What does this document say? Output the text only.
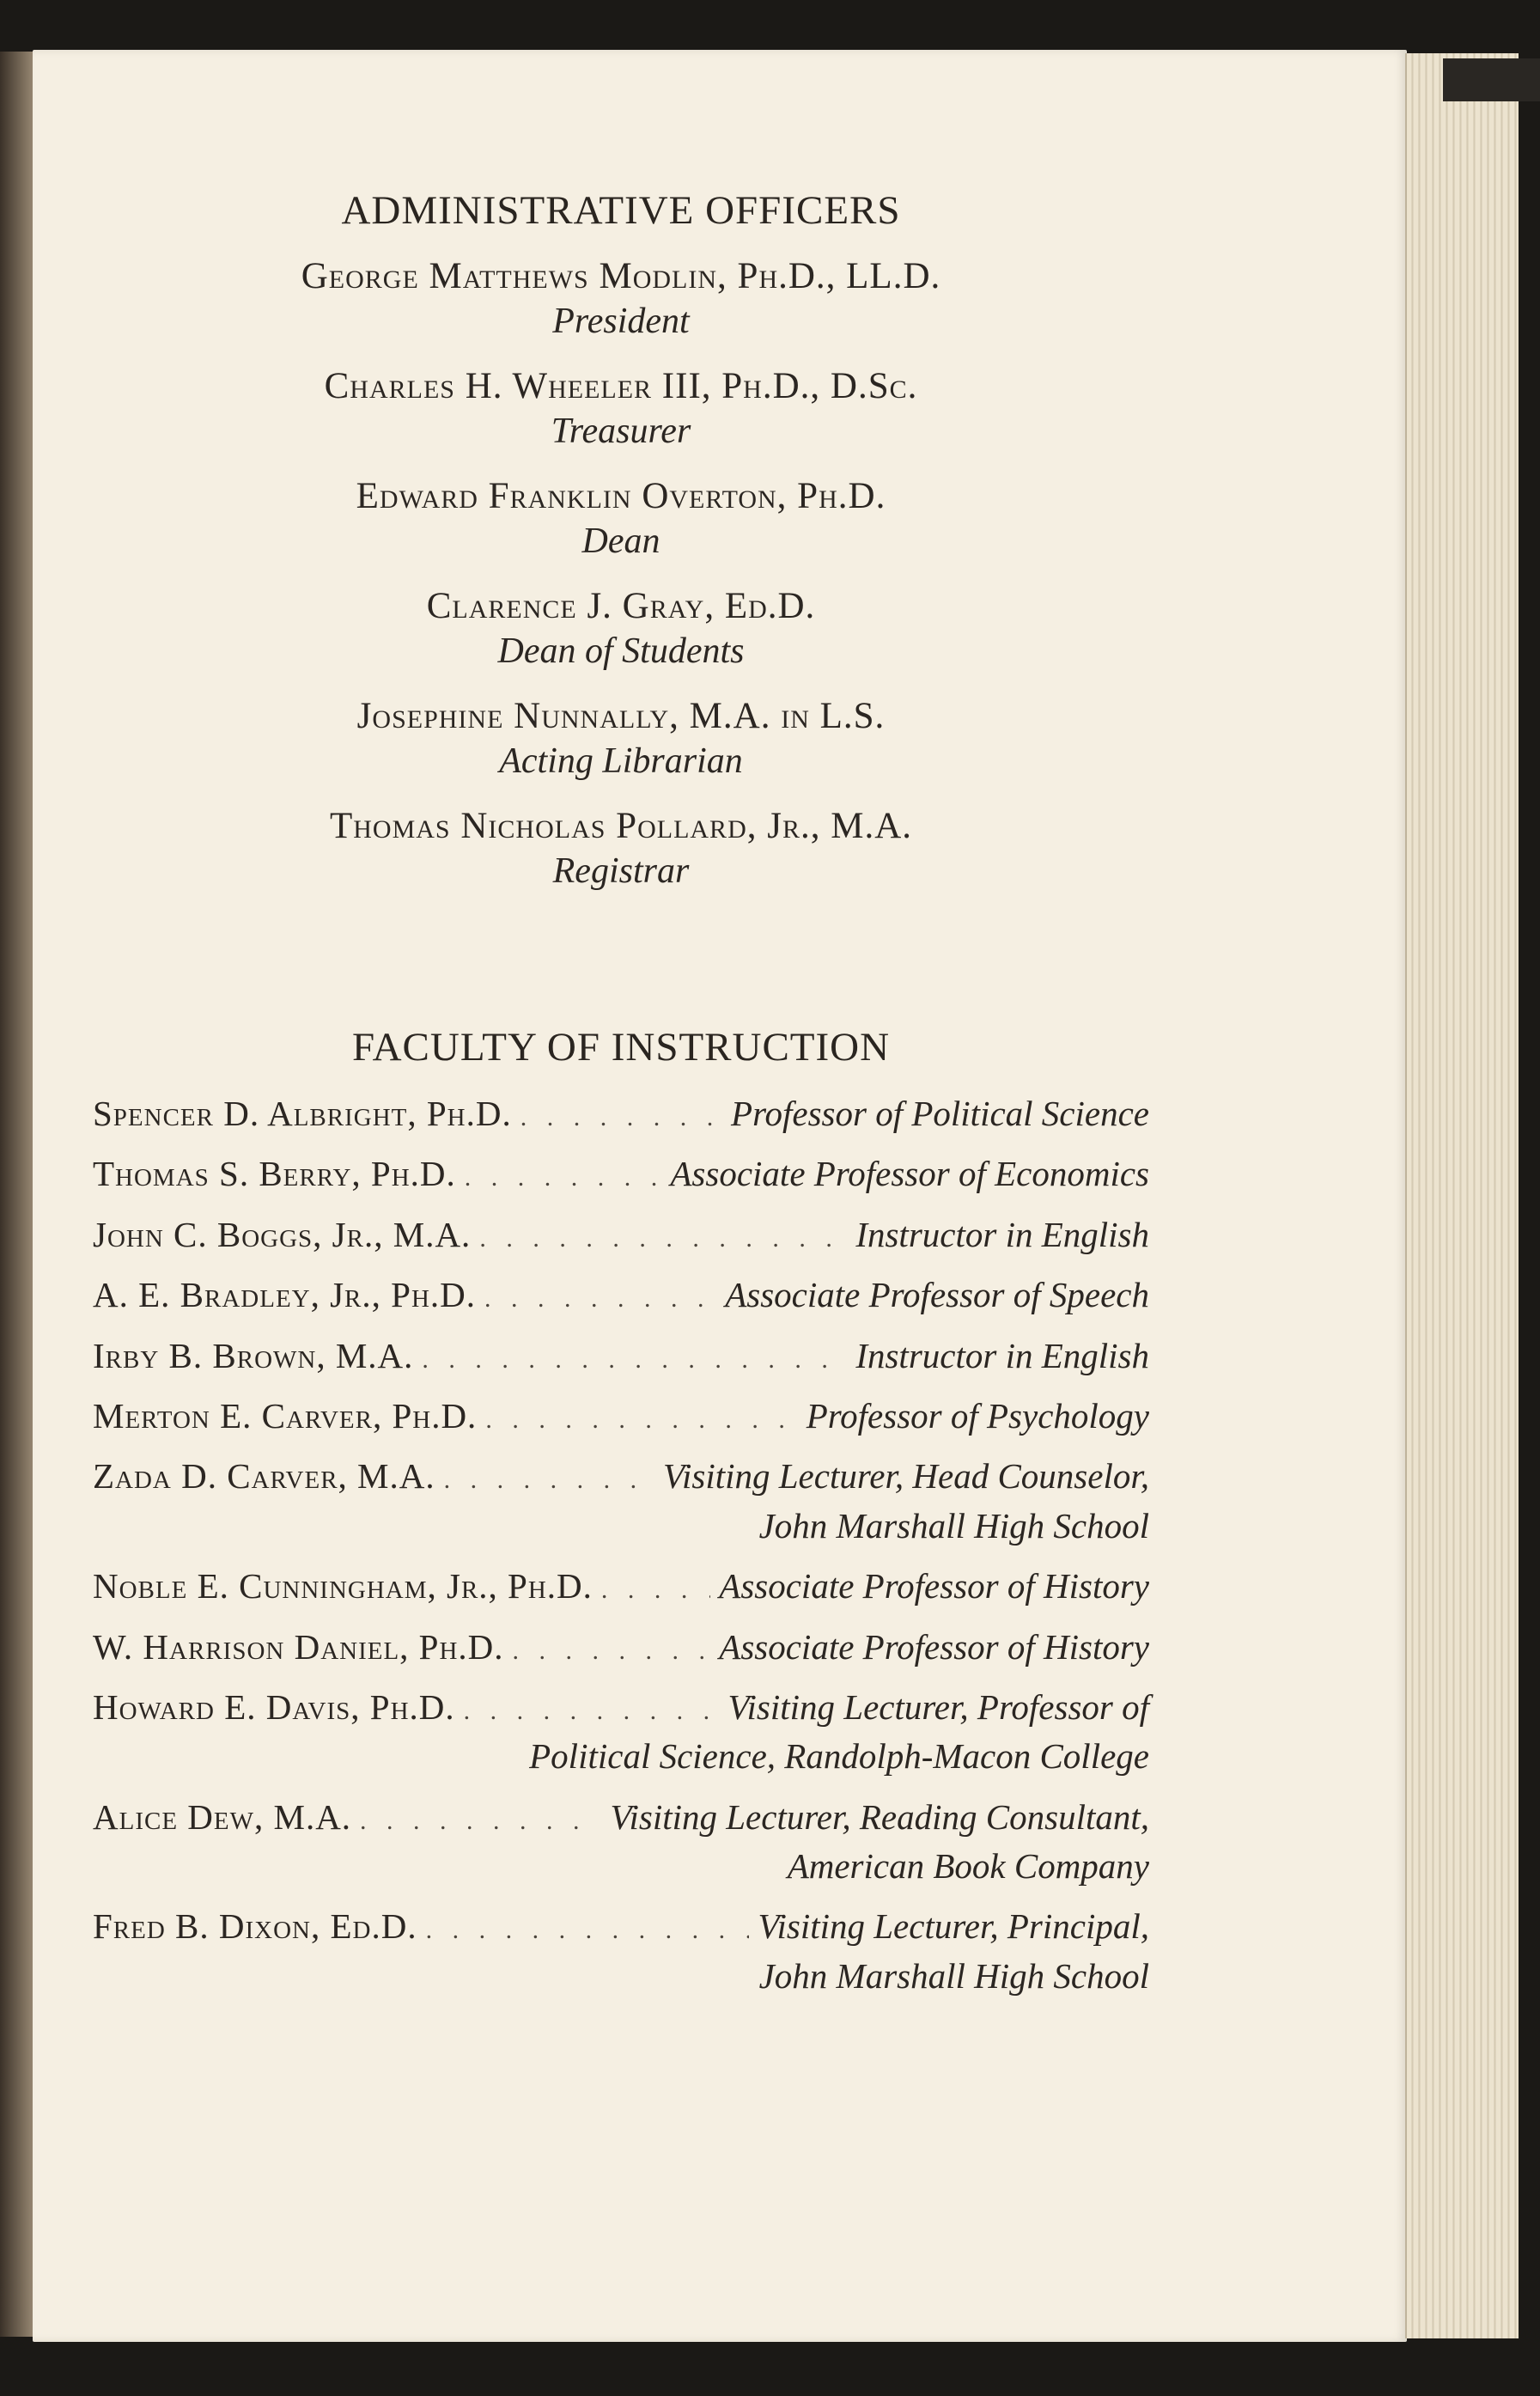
ADMINISTRATIVE OFFICERS
George Matthews Modlin, Ph.D., LL.D.
President
Charles H. Wheeler III, Ph.D., D.Sc.
Treasurer
Edward Franklin Overton, Ph.D.
Dean
Clarence J. Gray, Ed.D.
Dean of Students
Josephine Nunnally, M.A. in L.S.
Acting Librarian
Thomas Nicholas Pollard, Jr., M.A.
Registrar
FACULTY OF INSTRUCTION
Spencer D. Albright, Ph.D. . . .	Professor of Political Science
Thomas S. Berry, Ph.D. . . .	Associate Professor of Economics
John C. Boggs, Jr., M.A. . . .	Instructor in English
A. E. Bradley, Jr., Ph.D. . . .	Associate Professor of Speech
Irby B. Brown, M.A. . . .	Instructor in English
Merton E. Carver, Ph.D. . . .	Professor of Psychology
Zada D. Carver, M.A. . . .	Visiting Lecturer, Head Counselor,
John Marshall High School
Noble E. Cunningham, Jr., Ph.D. . . .	Associate Professor of History
W. Harrison Daniel, Ph.D. . . .	Associate Professor of History
Howard E. Davis, Ph.D. . . .	Visiting Lecturer, Professor of
Political Science, Randolph-Macon College
Alice Dew, M.A. . . .	Visiting Lecturer, Reading Consultant,
American Book Company
Fred B. Dixon, Ed.D. . . .	Visiting Lecturer, Principal,
John Marshall High School
